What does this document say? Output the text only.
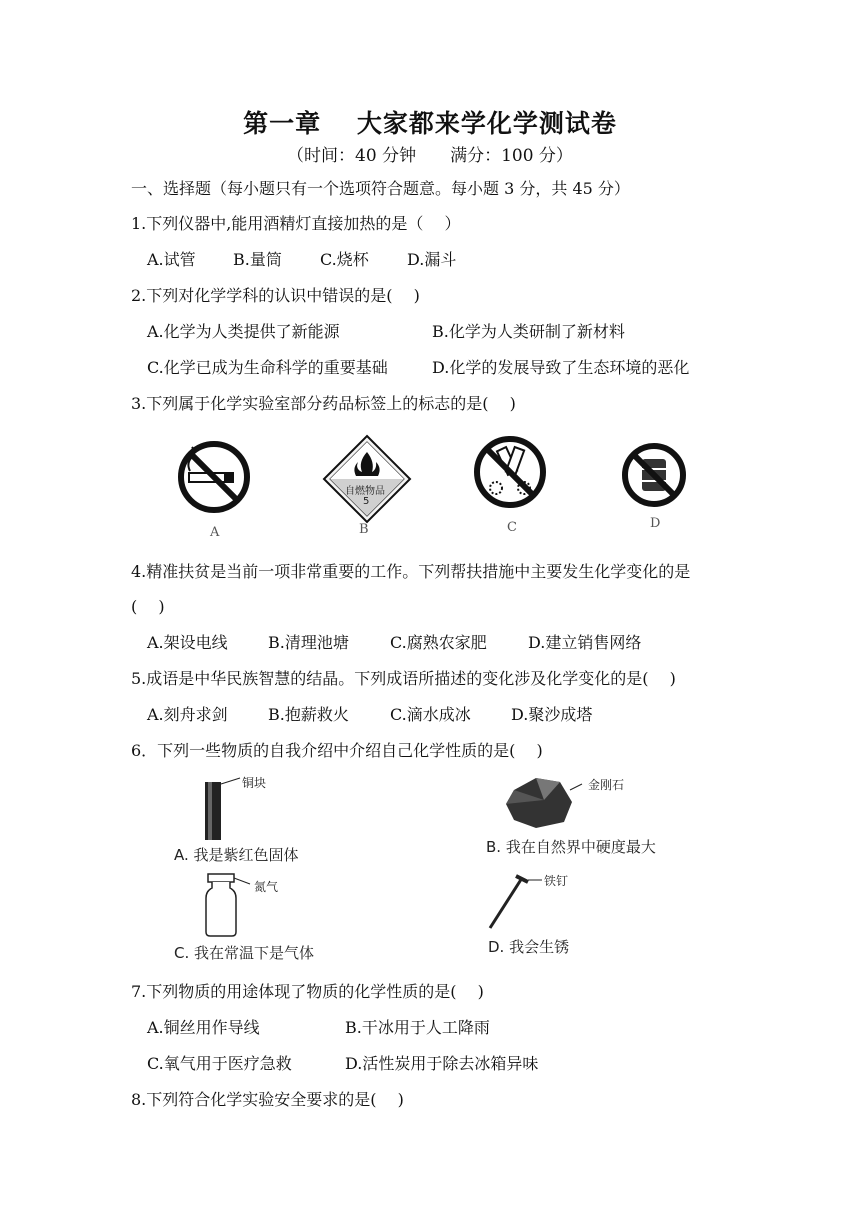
第一章　 大家都来学化学测试卷
（时间：40 分钟　　满分：100 分）
一、选择题（每小题只有一个选项符合题意。每小题 3 分，共 45 分）
1.下列仪器中,能用酒精灯直接加热的是（　 ）
A.试管 B.量筒 C.烧杯 D.漏斗
2.下列对化学学科的认识中错误的是(　 )
A.化学为人类提供了新能源	B.化学为人类研制了新材料
C.化学已成为生命科学的重要基础	D.化学的发展导致了生态环境的恶化
3.下列属于化学实验室部分药品标签上的标志的是(　 )
A
自燃物品
5
B	C	D
4.精准扶贫是当前一项非常重要的工作。下列帮扶措施中主要发生化学变化的是
(　 )
A.架设电线	B.清理池塘	C.腐熟农家肥	D.建立销售网络
5.成语是中华民族智慧的结晶。下列成语所描述的变化涉及化学变化的是(　 )
A.刻舟求剑	B.抱薪救火	C.滴水成冰	D.聚沙成塔
6．下列一些物质的自我介绍中介绍自己化学性质的是(　 )
铜块
A. 我是紫红色固体
金刚石
B. 我在自然界中硬度最大
氮气
C. 我在常温下是气体
铁钉
D. 我会生锈
7.下列物质的用途体现了物质的化学性质的是(　 )
A.铜丝用作导线	B.干冰用于人工降雨
C.氧气用于医疗急救	D.活性炭用于除去冰箱异味
8.下列符合化学实验安全要求的是(　 )
